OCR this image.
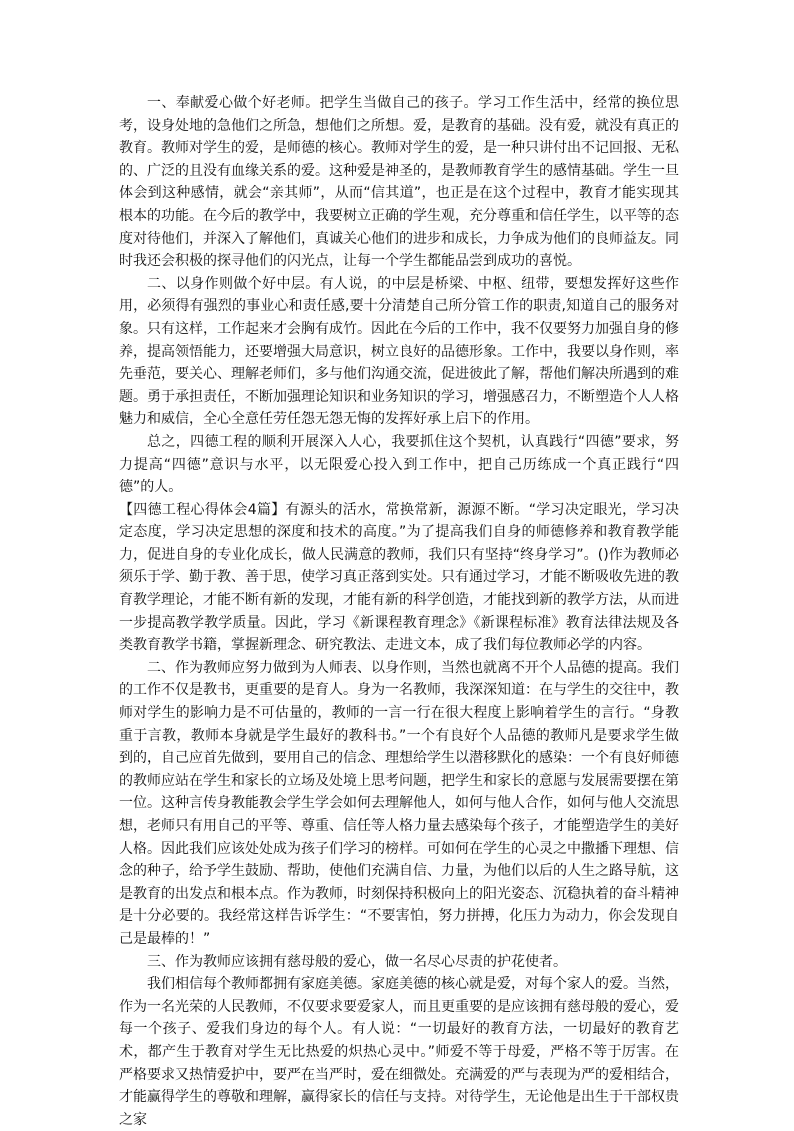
一、奉献爱心做个好老师。把学生当做自己的孩子。学习工作生活中，经常的换位思考，设身处地的急他们之所急，想他们之所想。爱，是教育的基础。没有爱，就没有真正的教育。教师对学生的爱，是师德的核心。教师对学生的爱，是一种只讲付出不记回报、无私的、广泛的且没有血缘关系的爱。这种爱是神圣的，是教师教育学生的感情基础。学生一旦体会到这种感情，就会“亲其师”，从而“信其道”，也正是在这个过程中，教育才能实现其根本的功能。在今后的教学中，我要树立正确的学生观，充分尊重和信任学生，以平等的态度对待他们，并深入了解他们，真诚关心他们的进步和成长，力争成为他们的良师益友。同时我还会积极的探寻他们的闪光点，让每一个学生都能品尝到成功的喜悦。

二、以身作则做个好中层。有人说，的中层是桥梁、中枢、纽带，要想发挥好这些作用，必须得有强烈的事业心和责任感,要十分清楚自己所分管工作的职责,知道自己的服务对象。只有这样，工作起来才会胸有成竹。因此在今后的工作中，我不仅要努力加强自身的修养，提高领悟能力，还要增强大局意识，树立良好的品德形象。工作中，我要以身作则，率先垂范，要关心、理解老师们，多与他们沟通交流，促进彼此了解，帮他们解决所遇到的难题。勇于承担责任，不断加强理论知识和业务知识的学习，增强感召力，不断塑造个人人格魅力和威信，全心全意任劳任怨无怨无悔的发挥好承上启下的作用。

总之，四德工程的顺利开展深入人心，我要抓住这个契机，认真践行“四德”要求，努力提高“四德”意识与水平，以无限爱心投入到工作中，把自己历练成一个真正践行“四德”的人。

【四德工程心得体会4篇】有源头的活水，常换常新，源源不断。“学习决定眼光，学习决定态度，学习决定思想的深度和技术的高度。”为了提高我们自身的师德修养和教育教学能力，促进自身的专业化成长，做人民满意的教师，我们只有坚持“终身学习”。()作为教师必须乐于学、勤于教、善于思，使学习真正落到实处。只有通过学习，才能不断吸收先进的教育教学理论，才能不断有新的发现，才能有新的科学创造，才能找到新的教学方法，从而进一步提高教学教学质量。因此，学习《新课程教育理念》《新课程标准》教育法律法规及各类教育教学书籍，掌握新理念、研究教法、走进文本，成了我们每位教师必学的内容。

二、作为教师应努力做到为人师表、以身作则，当然也就离不开个人品德的提高。我们的工作不仅是教书，更重要的是育人。身为一名教师，我深深知道：在与学生的交往中，教师对学生的影响力是不可估量的，教师的一言一行在很大程度上影响着学生的言行。“身教重于言教，教师本身就是学生最好的教科书。”一个有良好个人品德的教师凡是要求学生做到的，自己应首先做到，要用自己的信念、理想给学生以潜移默化的感染：一个有良好师德的教师应站在学生和家长的立场及处境上思考问题，把学生和家长的意愿与发展需要摆在第一位。这种言传身教能教会学生学会如何去理解他人，如何与他人合作，如何与他人交流思想，老师只有用自己的平等、尊重、信任等人格力量去感染每个孩子，才能塑造学生的美好人格。因此我们应该处处成为孩子们学习的榜样。可如何在学生的心灵之中撒播下理想、信念的种子，给予学生鼓励、帮助，使他们充满自信、力量，为他们以后的人生之路导航，这是教育的出发点和根本点。作为教师，时刻保持积极向上的阳光姿态、沉稳执着的奋斗精神是十分必要的。我经常这样告诉学生：“不要害怕，努力拼搏，化压力为动力，你会发现自己是最棒的！”

三、作为教师应该拥有慈母般的爱心，做一名尽心尽责的护花使者。

我们相信每个教师都拥有家庭美德。家庭美德的核心就是爱，对每个家人的爱。当然，作为一名光荣的人民教师，不仅要求要爱家人，而且更重要的是应该拥有慈母般的爱心，爱每一个孩子、爱我们身边的每个人。有人说：“一切最好的教育方法，一切最好的教育艺术，都产生于教育对学生无比热爱的炽热心灵中。”师爱不等于母爱，严格不等于厉害。在严格要求又热情爱护中，要严在当严时，爱在细微处。充满爱的严与表现为严的爱相结合，才能赢得学生的尊敬和理解，赢得家长的信任与支持。对待学生，无论他是出生于干部权贵之家
